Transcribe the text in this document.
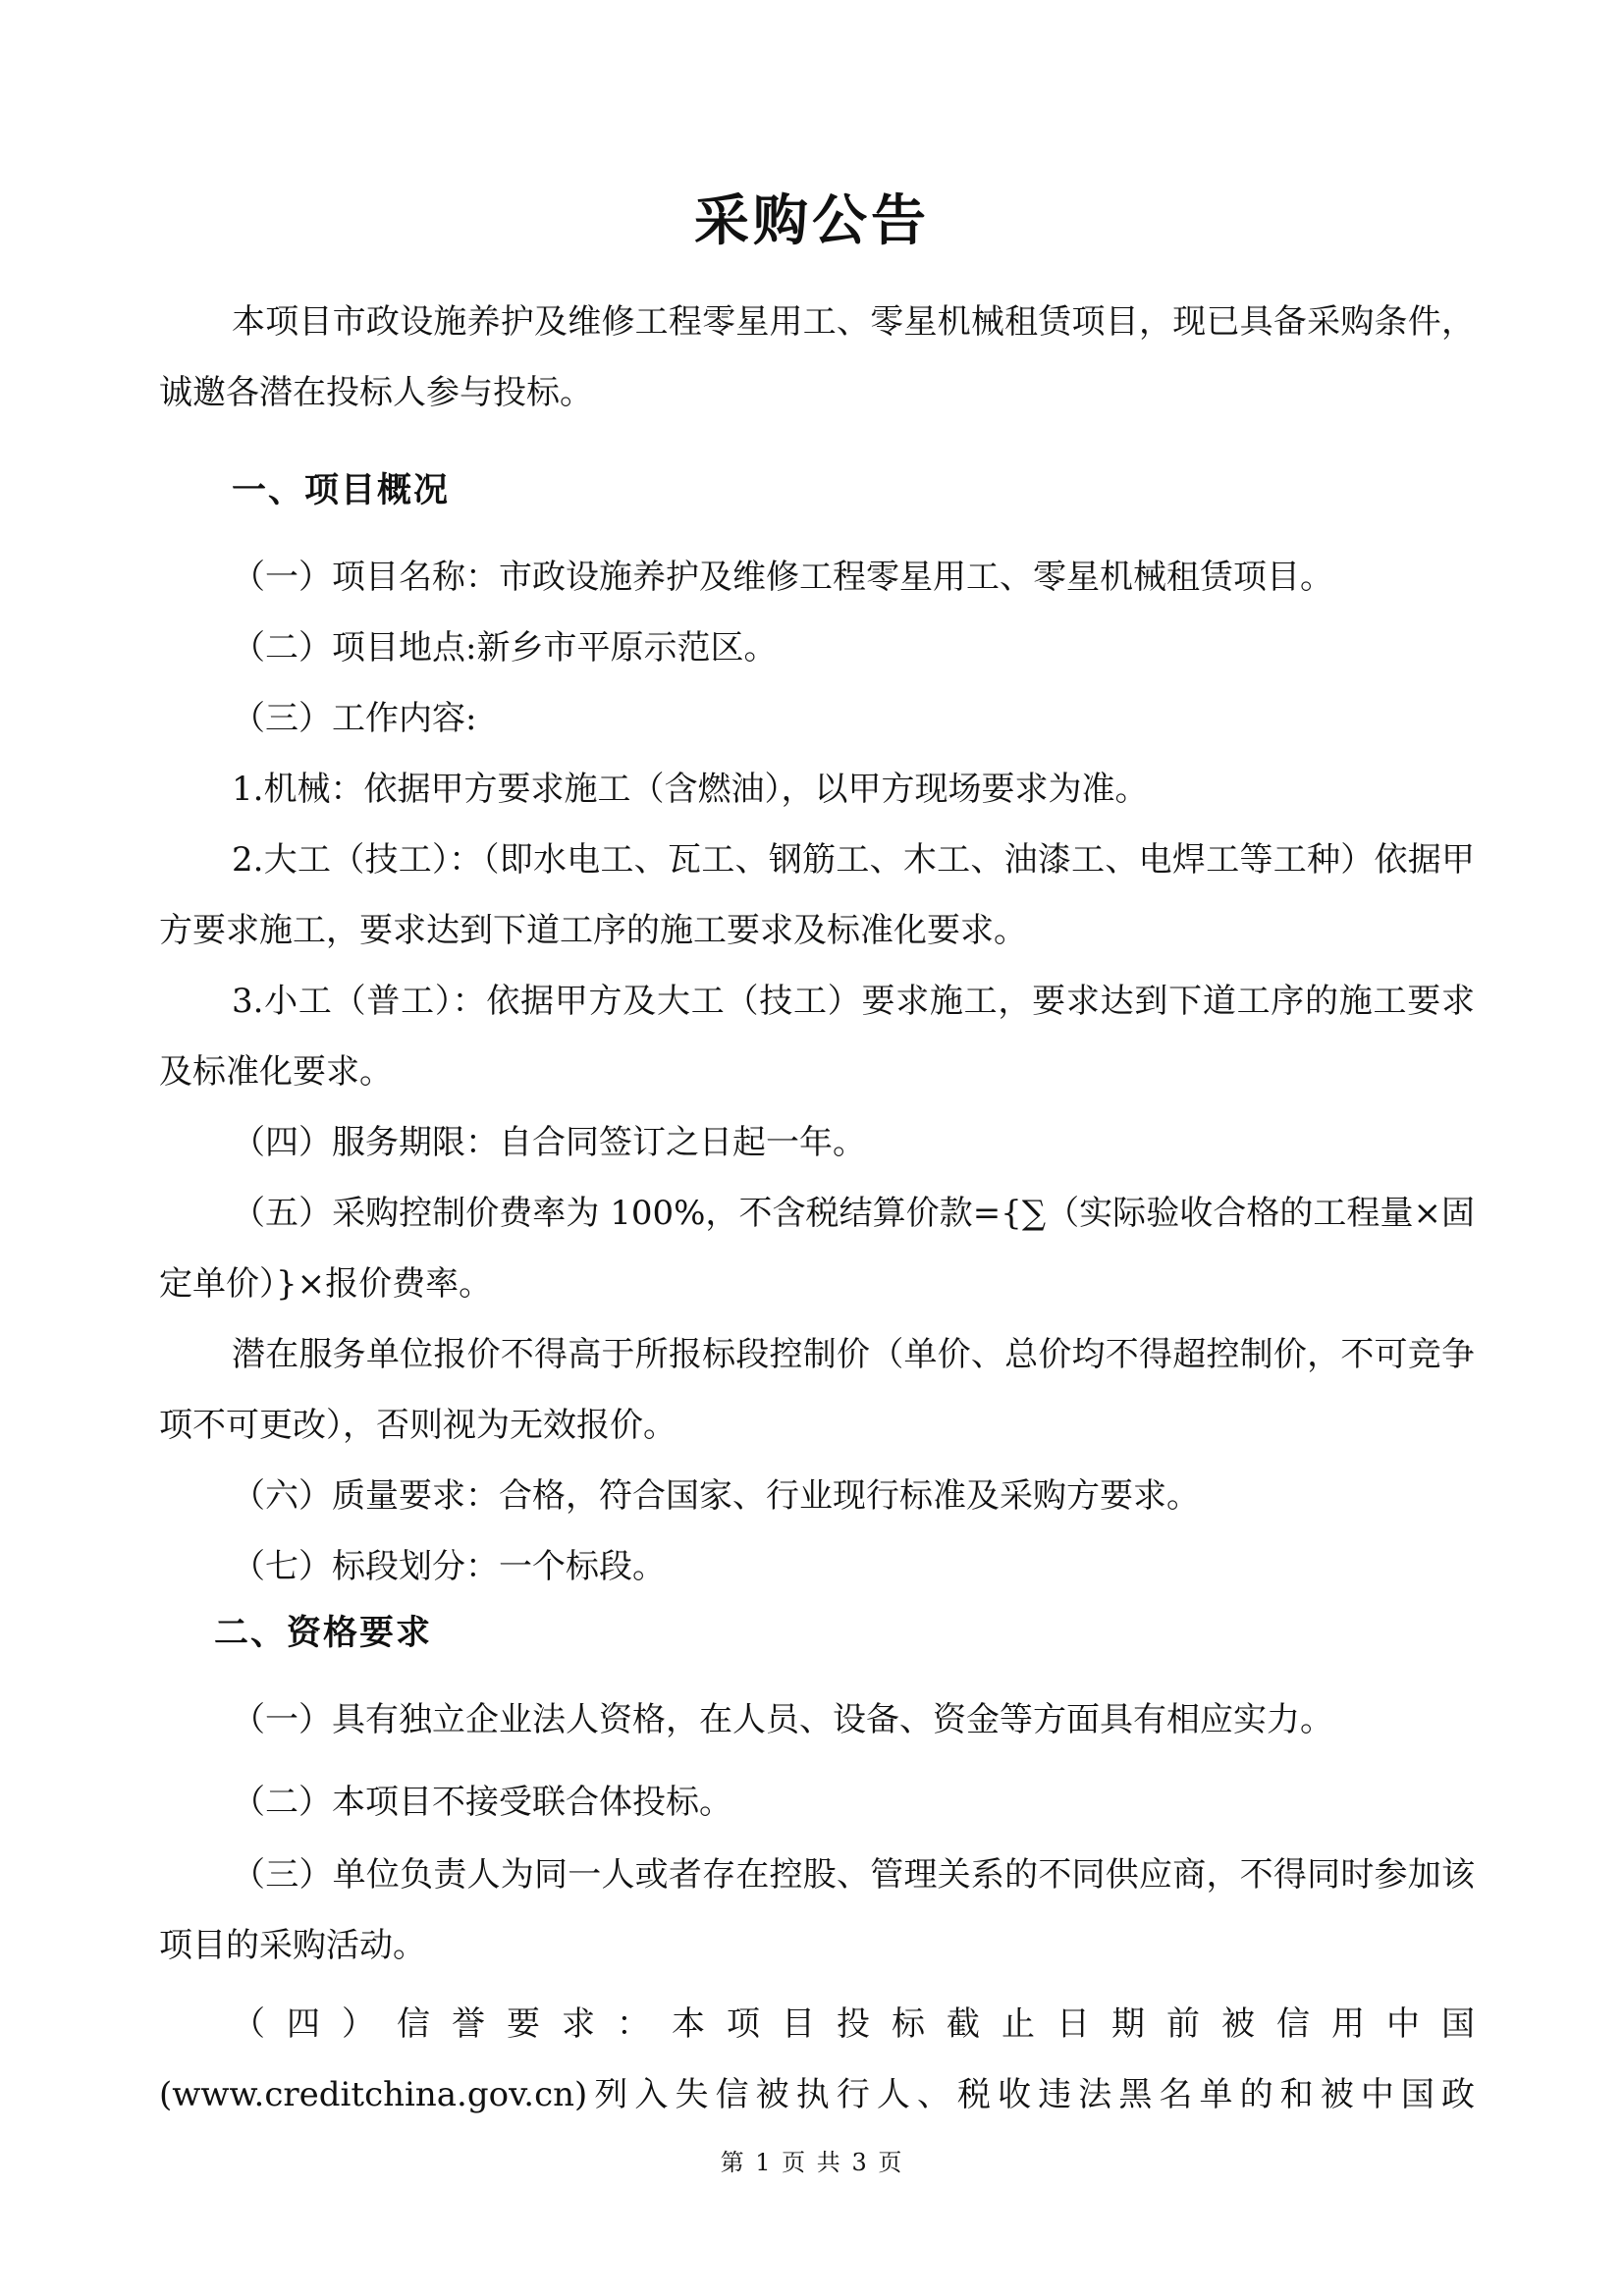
采购公告
本项目市政设施养护及维修工程零星用工、零星机械租赁项目，现已具备采购条件，诚邀各潜在投标人参与投标。
一、项目概况
（一）项目名称：市政设施养护及维修工程零星用工、零星机械租赁项目。
（二）项目地点:新乡市平原示范区。
（三）工作内容:
1.机械：依据甲方要求施工（含燃油），以甲方现场要求为准。
2.大工（技工）：（即水电工、瓦工、钢筋工、木工、油漆工、电焊工等工种）依据甲方要求施工，要求达到下道工序的施工要求及标准化要求。
3.小工（普工）：依据甲方及大工（技工）要求施工，要求达到下道工序的施工要求及标准化要求。
（四）服务期限：自合同签订之日起一年。
（五）采购控制价费率为 100%，不含税结算价款={∑（实际验收合格的工程量×固定单价）}×报价费率。
潜在服务单位报价不得高于所报标段控制价（单价、总价均不得超控制价，不可竞争项不可更改），否则视为无效报价。
（六）质量要求：合格，符合国家、行业现行标准及采购方要求。
（七）标段划分：一个标段。
二、资格要求
（一）具有独立企业法人资格，在人员、设备、资金等方面具有相应实力。
（二）本项目不接受联合体投标。
（三）单位负责人为同一人或者存在控股、管理关系的不同供应商，不得同时参加该项目的采购活动。
（四）信誉要求：本项目投标截止日期前被信用中国
(www.creditchina.gov.cn)列入失信被执行人、税收违法黑名单的和被中国政
第 1 页 共 3 页
